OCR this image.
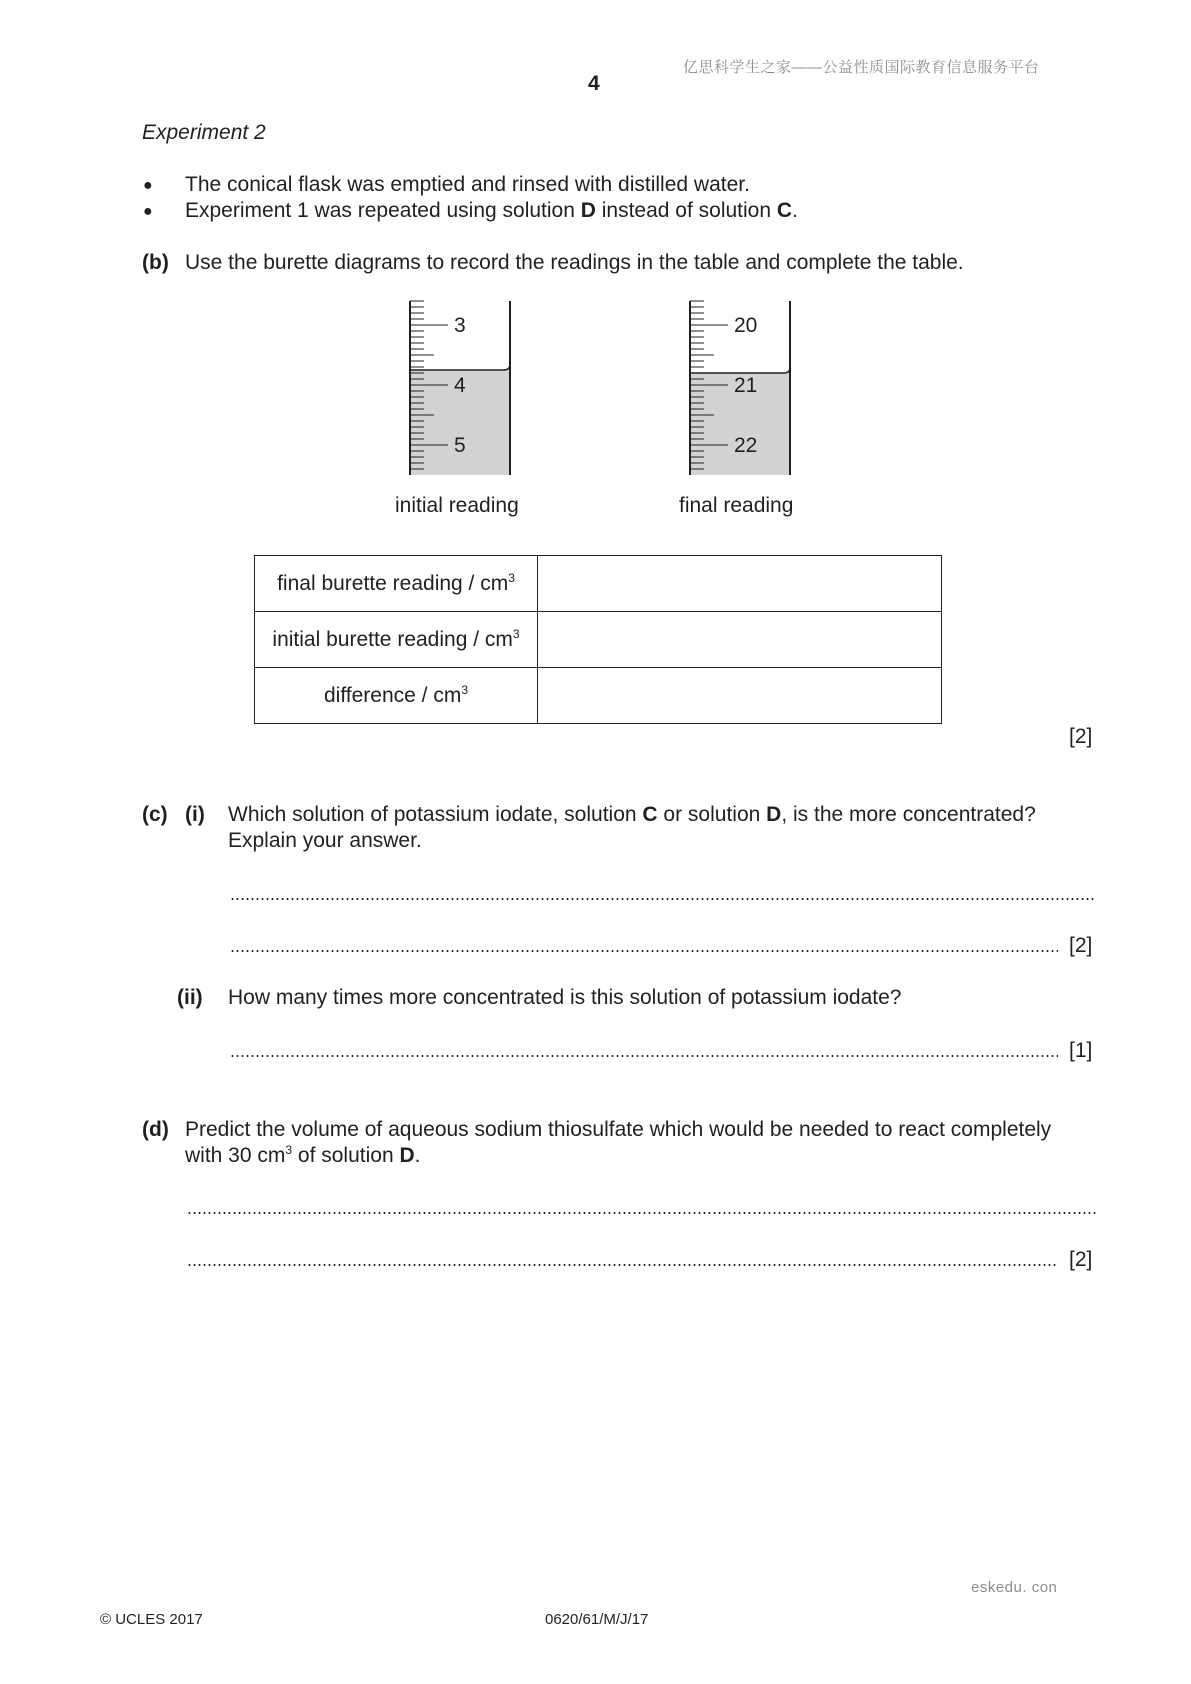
亿思科学生之家——公益性质国际教育信息服务平台
4
Experiment 2
● The conical flask was emptied and rinsed with distilled water.
● Experiment 1 was repeated using solution D instead of solution C.
(b) Use the burette diagrams to record the readings in the table and complete the table.
3
4
5
20
21
22
initial reading	final reading
final burette reading / $cm^3$	
initial burette reading / $cm^3$	
difference / $cm^3$	
[2]
(c) (i) Which solution of potassium iodate, solution C or solution D, is the more concentrated?
Explain your answer.
[2]
(ii) How many times more concentrated is this solution of potassium iodate?
[1]
(d) Predict the volume of aqueous sodium thiosulfate which would be needed to react completely
with 30 $cm^3$ of solution D.
[2]
eskedu. con
© UCLES 2017	0620/61/M/J/17
